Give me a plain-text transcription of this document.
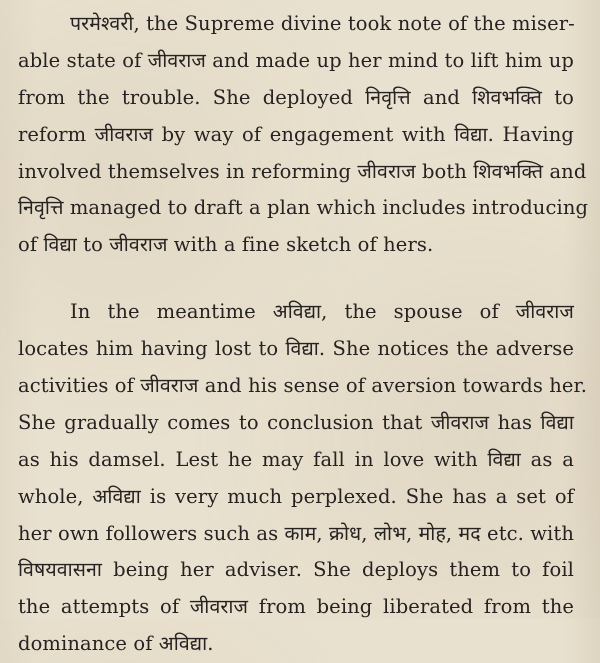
परमेश्वरी, the Supreme divine took note of the miser-
able state of जीवराज and made up her mind to lift him up
from the trouble. She deployed निवृत्ति and शिवभक्ति to
reform जीवराज by way of engagement with विद्या. Having
involved themselves in reforming जीवराज both शिवभक्ति and
निवृत्ति managed to draft a plan which includes introducing
of विद्या to जीवराज with a fine sketch of hers.
In the meantime अविद्या, the spouse of जीवराज
locates him having lost to विद्या. She notices the adverse
activities of जीवराज and his sense of aversion towards her.
She gradually comes to conclusion that जीवराज has विद्या
as his damsel. Lest he may fall in love with विद्या as a
whole, अविद्या is very much perplexed. She has a set of
her own followers such as काम, क्रोध, लोभ, मोह, मद etc. with
विषयवासना being her adviser. She deploys them to foil
the attempts of जीवराज from being liberated from the
dominance of अविद्या.
